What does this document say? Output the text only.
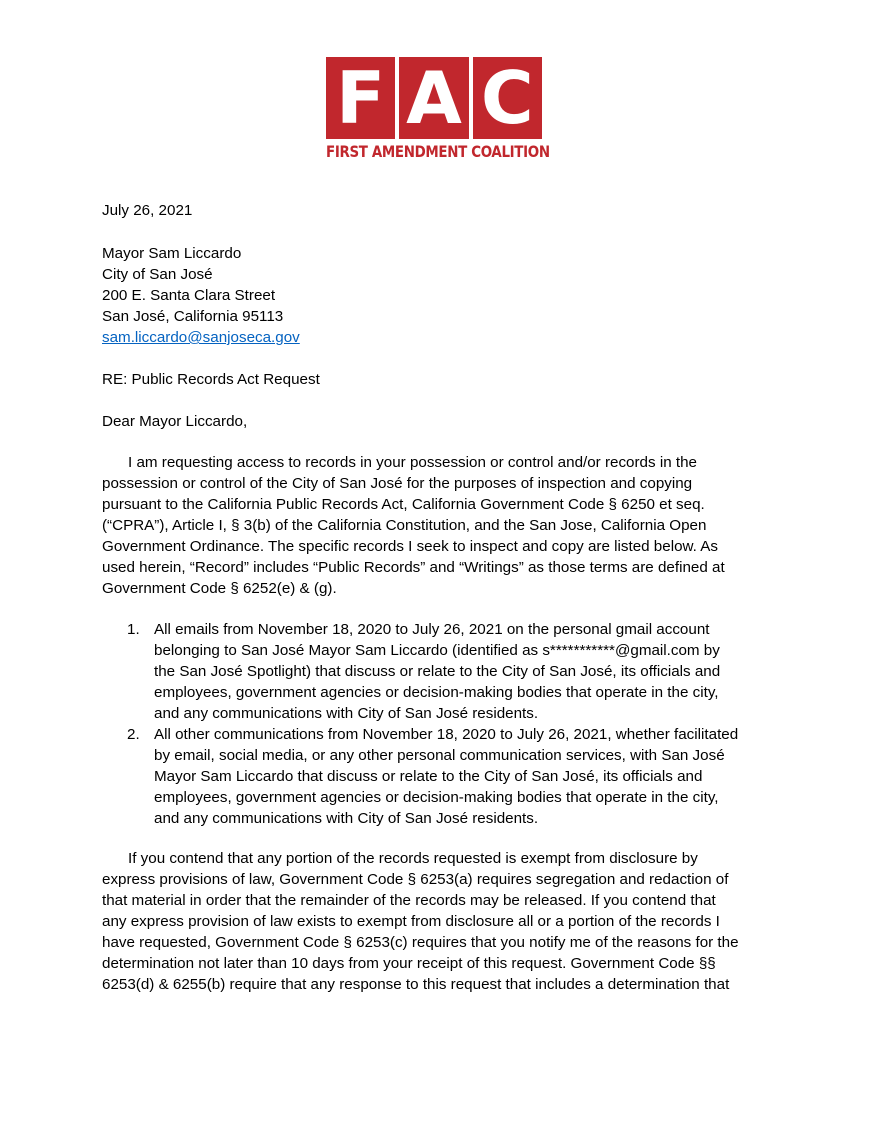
F A C
FIRST AMENDMENT COALITION
July 26, 2021
Mayor Sam Liccardo
City of San José
200 E. Santa Clara Street
San José, California 95113
sam.liccardo@sanjoseca.gov
RE: Public Records Act Request
Dear Mayor Liccardo,
I am requesting access to records in your possession or control and/or records in the
possession or control of the City of San José for the purposes of inspection and copying
pursuant to the California Public Records Act, California Government Code § 6250 et seq.
(“CPRA”), Article I, § 3(b) of the California Constitution, and the San Jose, California Open
Government Ordinance. The specific records I seek to inspect and copy are listed below. As
used herein, “Record” includes “Public Records” and “Writings” as those terms are defined at
Government Code § 6252(e) & (g).
1. All emails from November 18, 2020 to July 26, 2021 on the personal gmail account
belonging to San José Mayor Sam Liccardo (identified as s***********@gmail.com by
the San José Spotlight) that discuss or relate to the City of San José, its officials and
employees, government agencies or decision-making bodies that operate in the city,
and any communications with City of San José residents.
2. All other communications from November 18, 2020 to July 26, 2021, whether facilitated
by email, social media, or any other personal communication services, with San José
Mayor Sam Liccardo that discuss or relate to the City of San José, its officials and
employees, government agencies or decision-making bodies that operate in the city,
and any communications with City of San José residents.
If you contend that any portion of the records requested is exempt from disclosure by
express provisions of law, Government Code § 6253(a) requires segregation and redaction of
that material in order that the remainder of the records may be released. If you contend that
any express provision of law exists to exempt from disclosure all or a portion of the records I
have requested, Government Code § 6253(c) requires that you notify me of the reasons for the
determination not later than 10 days from your receipt of this request. Government Code §§
6253(d) & 6255(b) require that any response to this request that includes a determination that
